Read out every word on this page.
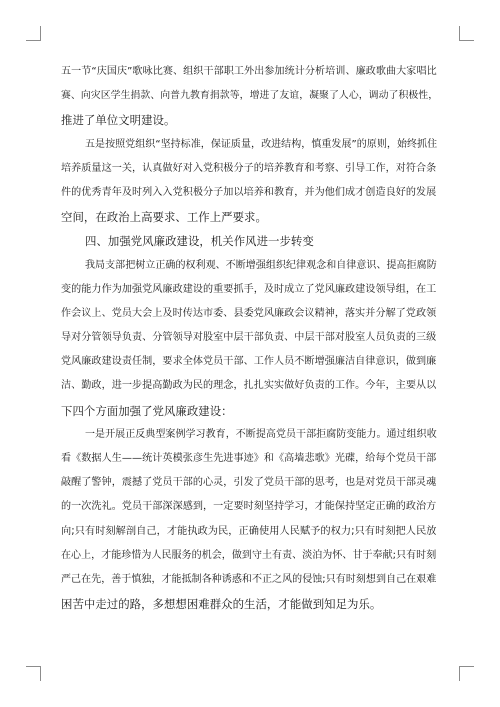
五一节“庆国庆”歌咏比赛、组织干部职工外出参加统计分析培训、廉政歌曲大家唱比
赛、向灾区学生捐款、向普九教育捐款等，增进了友谊，凝聚了人心，调动了积极性，
推进了单位文明建设。
五是按照党组织“坚持标准，保证质量，改进结构，慎重发展”的原则，始终抓住
培养质量这一关，认真做好对入党积极分子的培养教育和考察、引导工作，对符合条
件的优秀青年及时列入入党积极分子加以培养和教育，并为他们成才创造良好的发展
空间，在政治上高要求、工作上严要求。
四、加强党风廉政建设，机关作风进一步转变
我局支部把树立正确的权利观、不断增强组织纪律观念和自律意识、提高拒腐防
变的能力作为加强党风廉政建设的重要抓手，及时成立了党风廉政建设领导组，在工
作会议上、党员大会上及时传达市委、县委党风廉政会议精神，落实并分解了党政领
导对分管领导负责、分管领导对股室中层干部负责、中层干部对股室人员负责的三级
党风廉政建设责任制，要求全体党员干部、工作人员不断增强廉洁自律意识，做到廉
洁、勤政，进一步提高勤政为民的理念，扎扎实实做好负责的工作。今年，主要从以
下四个方面加强了党风廉政建设：
一是开展正反典型案例学习教育，不断提高党员干部拒腐防变能力。通过组织收
看《数据人生——统计英模张彦生先进事迹》和《高墙悲歌》光碟，给每个党员干部
敲醒了警钟，震撼了党员干部的心灵，引发了党员干部的思考，也是对党员干部灵魂
的一次洗礼。党员干部深深感到，一定要时刻坚持学习，才能保持坚定正确的政治方
向;只有时刻解剖自己，才能执政为民，正确使用人民赋予的权力;只有时刻把人民放
在心上，才能珍惜为人民服务的机会，做到守土有责、淡泊为怀、甘于奉献;只有时刻
严己在先，善于慎独，才能抵制各种诱惑和不正之风的侵蚀;只有时刻想到自己在艰难
困苦中走过的路，多想想困难群众的生活，才能做到知足为乐。
